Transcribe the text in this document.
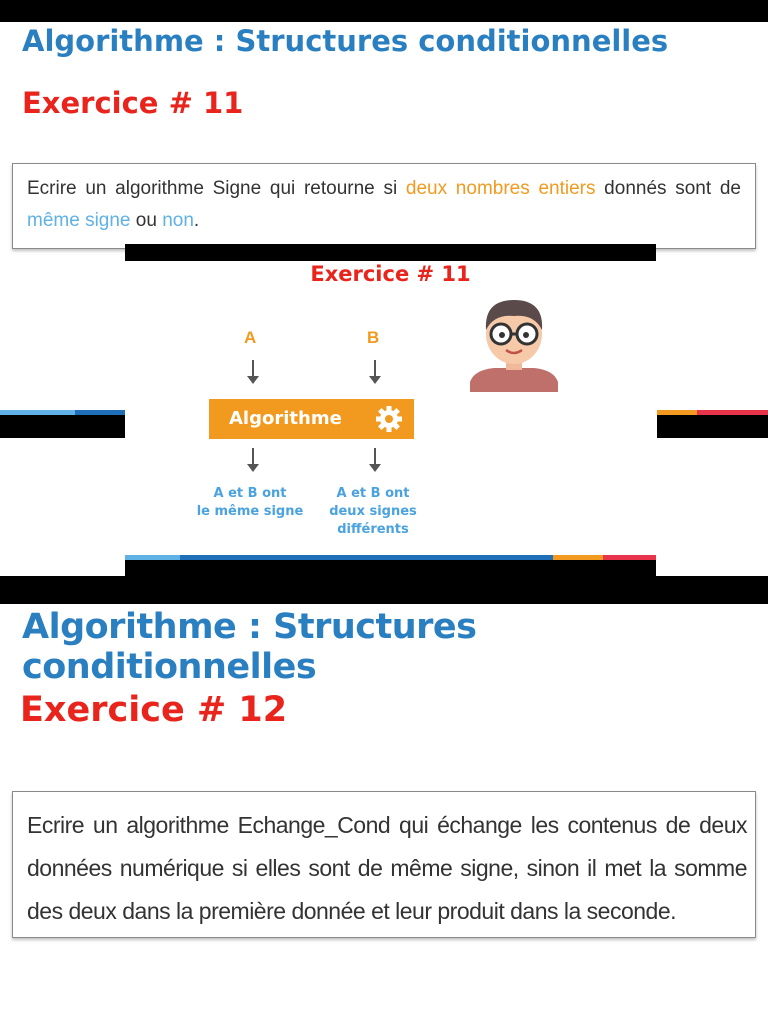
Algorithme : Structures conditionnelles
Exercice # 11
Ecrire un algorithme Signe qui retourne si deux nombres entiers donnés sont de même signe ou non.
Exercice # 11
A	B
Algorithme
A et B ont
le même signe
A et B ont
deux signes
différents
Algorithme : Structures conditionnelles
Exercice # 12
Ecrire un algorithme Echange_Cond qui échange les contenus de deux données numérique si elles sont de même signe, sinon il met la somme des deux dans la première donnée et leur produit dans la seconde.
